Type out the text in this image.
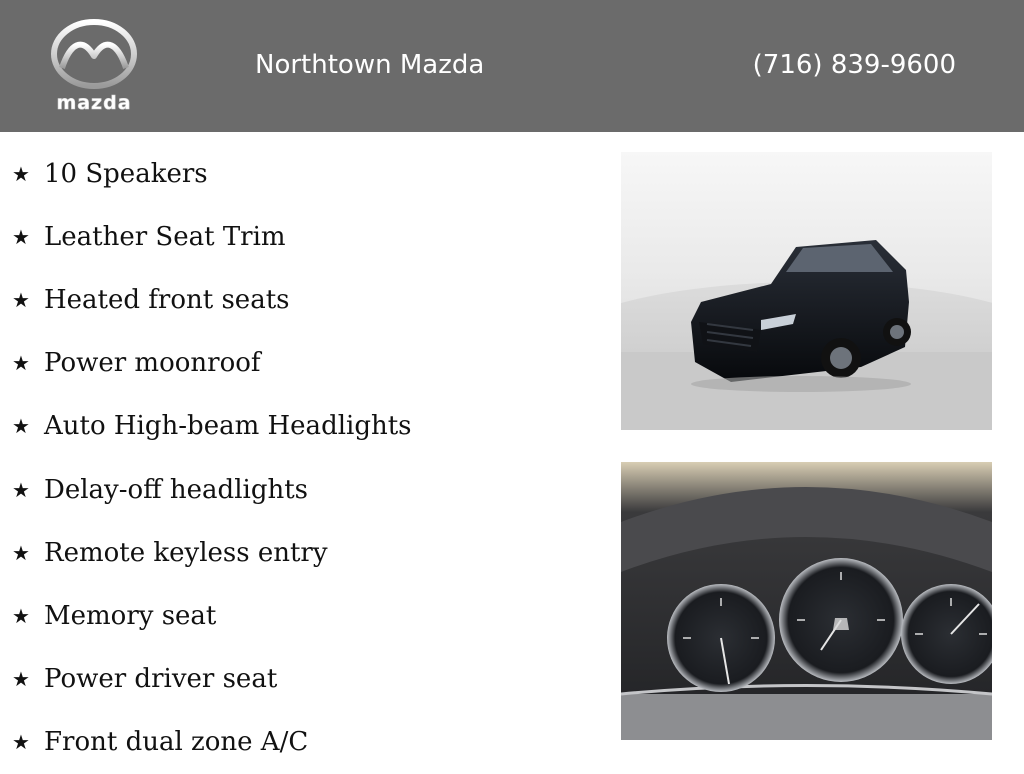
mazda
Northtown Mazda	(716) 839-9600
★ 10 Speakers
★ Leather Seat Trim
★ Heated front seats
★ Power moonroof
★ Auto High-beam Headlights
★ Delay-off headlights
★ Remote keyless entry
★ Memory seat
★ Power driver seat
★ Front dual zone A/C
